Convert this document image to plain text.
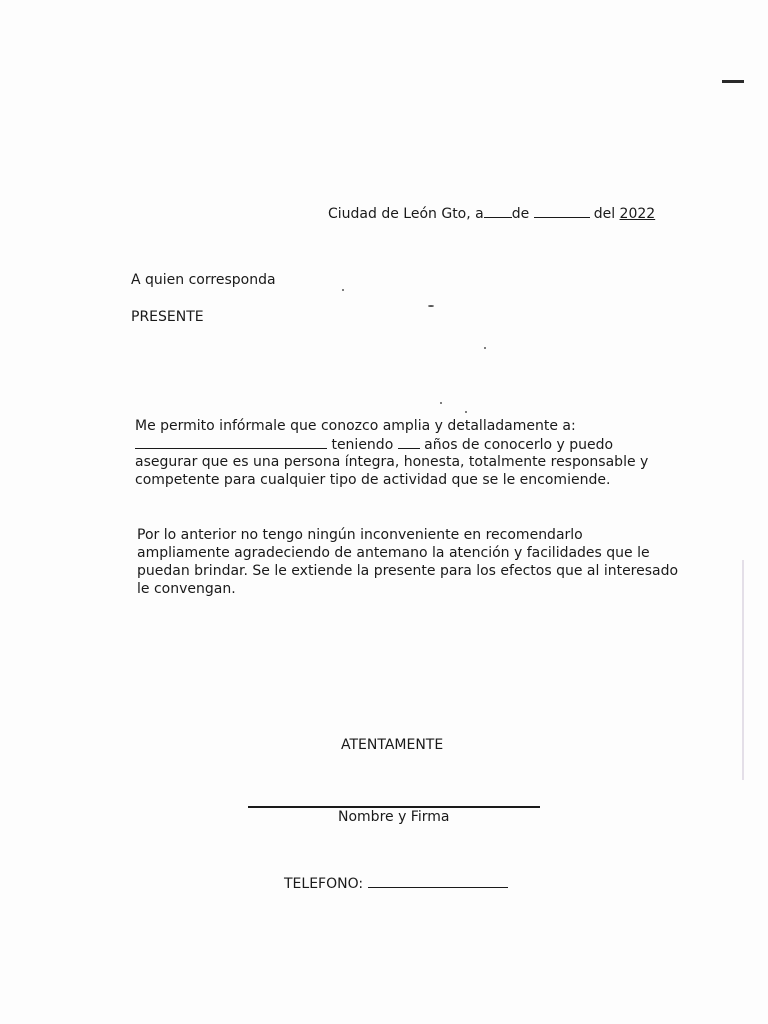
Ciudad de León Gto, a de	del 2022
A quien corresponda
PRESENTE
Me permito infórmale que conozco amplia y detalladamente a:
teniendo años de conocerlo y puedo
asegurar que es una persona íntegra, honesta, totalmente responsable y
competente para cualquier tipo de actividad que se le encomiende.
Por lo anterior no tengo ningún inconveniente en recomendarlo
ampliamente agradeciendo de antemano la atención y facilidades que le
puedan brindar. Se le extiende la presente para los efectos que al interesado
le convengan.
ATENTAMENTE
Nombre y Firma
TELEFONO:
